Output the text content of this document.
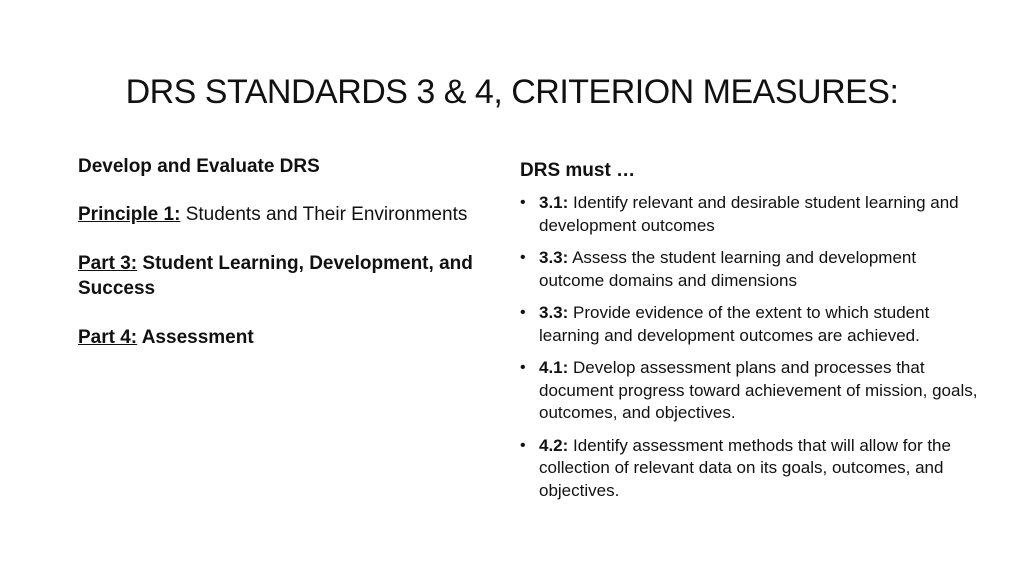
DRS STANDARDS 3 & 4, CRITERION MEASURES:
Develop and Evaluate DRS
Principle 1: Students and Their Environments
Part 3: Student Learning, Development, and Success
Part 4: Assessment
DRS must …
• 3.1: Identify relevant and desirable student learning and development outcomes
• 3.3: Assess the student learning and development outcome domains and dimensions
• 3.3: Provide evidence of the extent to which student learning and development outcomes are achieved.
• 4.1: Develop assessment plans and processes that document progress toward achievement of mission, goals, outcomes, and objectives.
• 4.2: Identify assessment methods that will allow for the collection of relevant data on its goals, outcomes, and objectives.
